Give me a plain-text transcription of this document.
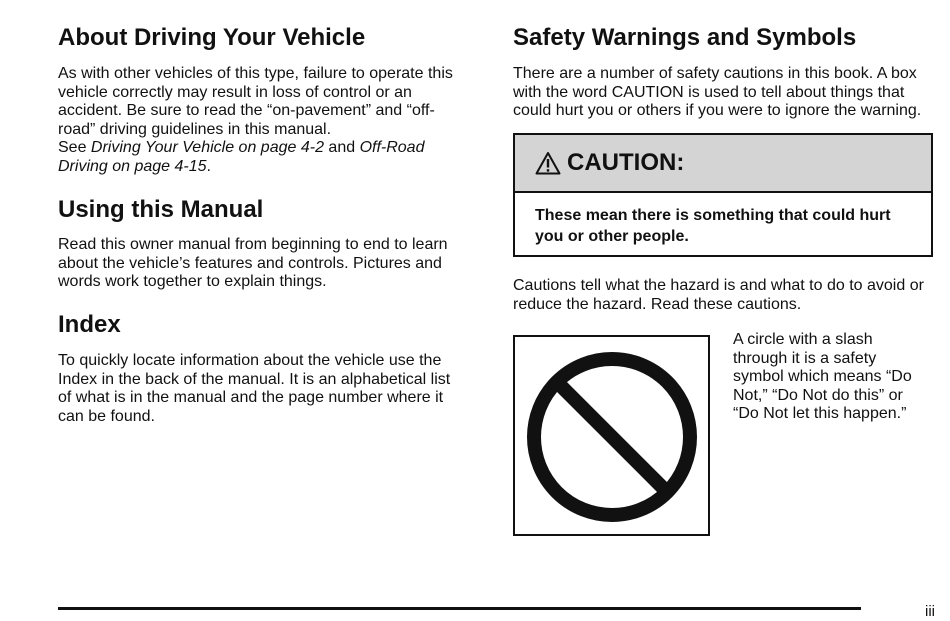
About Driving Your Vehicle

As with other vehicles of this type, failure to operate this vehicle correctly may result in loss of control or an accident. Be sure to read the “on-pavement” and “off-road” driving guidelines in this manual.
See Driving Your Vehicle on page 4-2 and Off-Road Driving on page 4-15.

Using this Manual

Read this owner manual from beginning to end to learn about the vehicle’s features and controls. Pictures and words work together to explain things.

Index

To quickly locate information about the vehicle use the Index in the back of the manual. It is an alphabetical list of what is in the manual and the page number where it can be found.

Safety Warnings and Symbols

There are a number of safety cautions in this book. A box with the word CAUTION is used to tell about things that could hurt you or others if you were to ignore the warning.

CAUTION:
These mean there is something that could hurt you or other people.

Cautions tell what the hazard is and what to do to avoid or reduce the hazard. Read these cautions.

A circle with a slash through it is a safety symbol which means “Do Not,” “Do Not do this” or “Do Not let this happen.”

iii
